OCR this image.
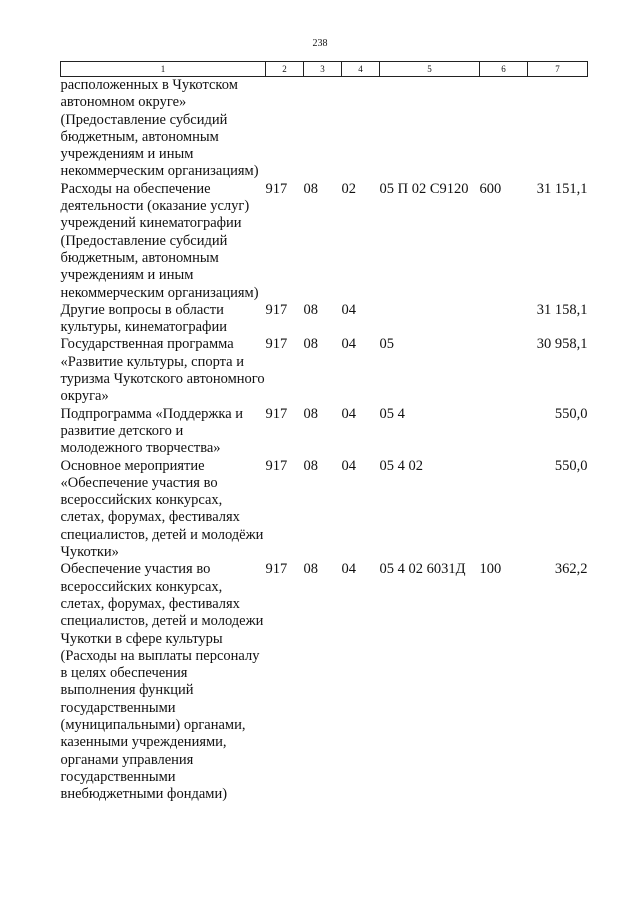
238
1	2	3	4	5	6	7
расположенных в Чукотском автономном округе» (Предоставление субсидий бюджетным, автономным учреждениям и иным некоммерческим организациям)						
Расходы на обеспечение деятельности (оказание услуг) учреждений кинематографии (Предоставление субсидий бюджетным, автономным учреждениям и иным некоммерческим организациям)	917	08	02	05 П 02 С9120	600	31 151,1
Другие вопросы в области культуры, кинематографии	917	08	04			31 158,1
Государственная программа «Развитие культуры, спорта и туризма Чукотского автономного округа»	917	08	04	05		30 958,1
Подпрограмма «Поддержка и развитие детского и молодежного творчества»	917	08	04	05 4		550,0
Основное мероприятие «Обеспечение участия во всероссийских конкурсах, слетах, форумах, фестивалях специалистов, детей и молодёжи Чукотки»	917	08	04	05 4 02		550,0
Обеспечение участия во всероссийских конкурсах, слетах, форумах, фестивалях специалистов, детей и молодежи Чукотки в сфере культуры (Расходы на выплаты персоналу в целях обеспечения выполнения функций государственными (муниципальными) органами, казенными учреждениями, органами управления государственными внебюджетными фондами)	917	08	04	05 4 02 6031Д	100	362,2
